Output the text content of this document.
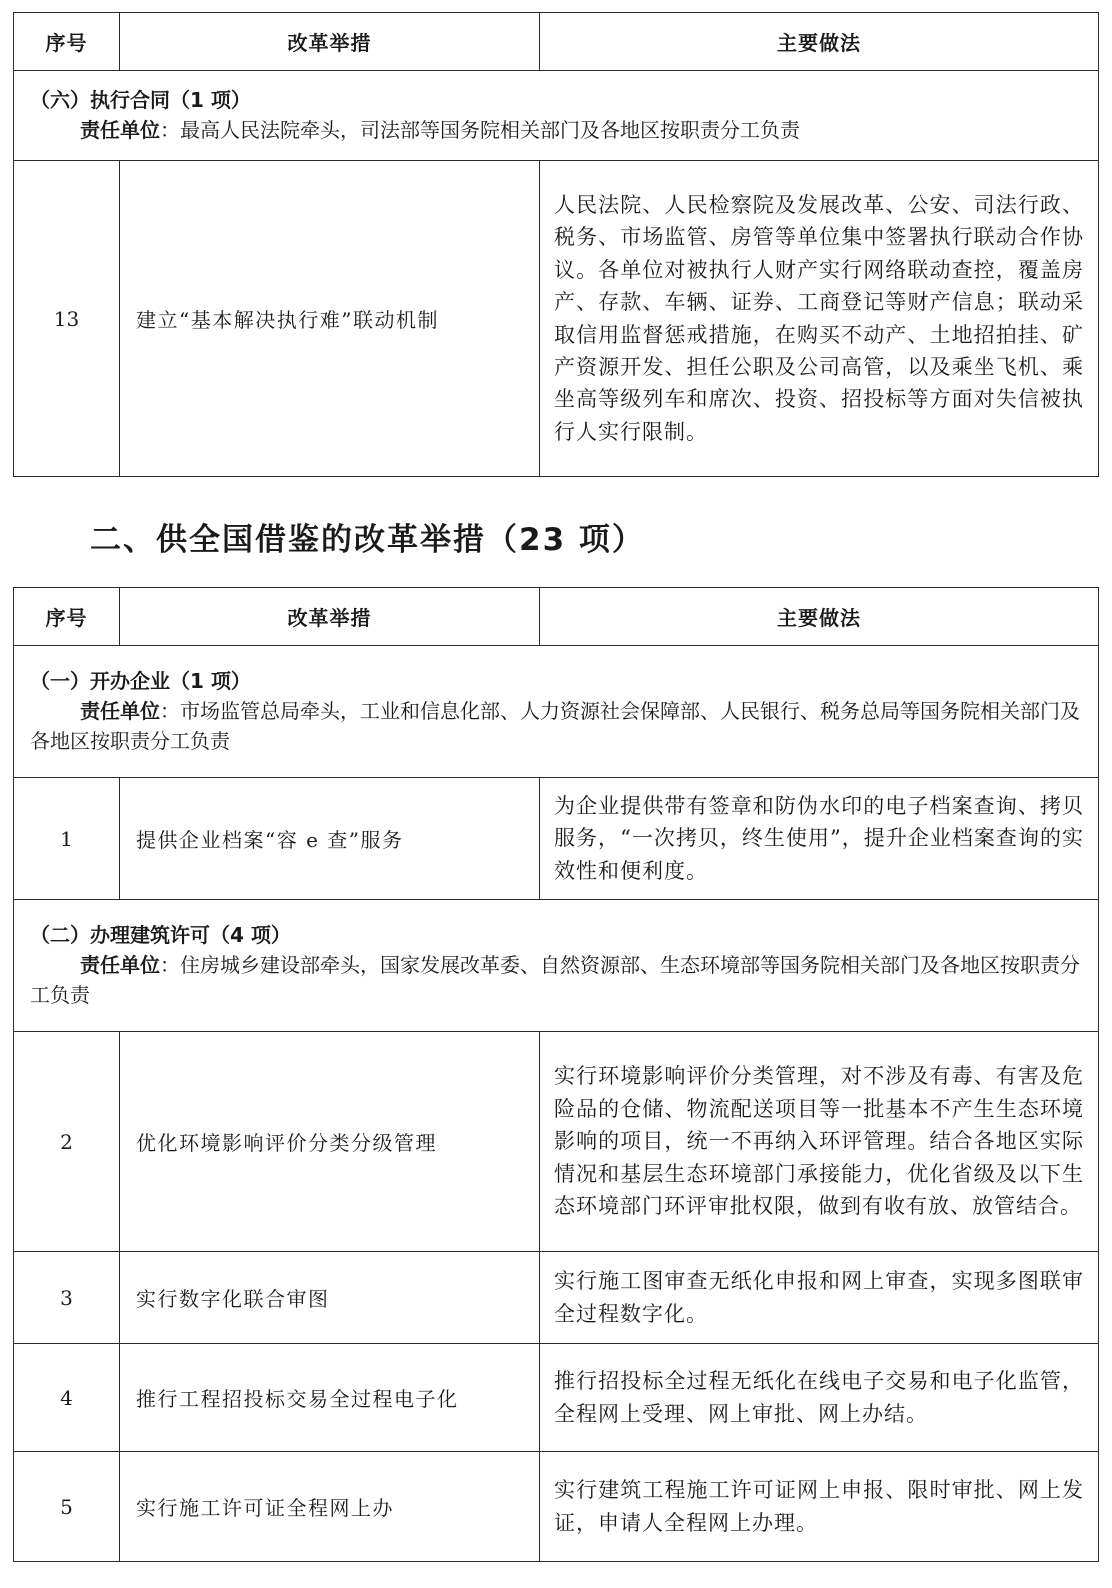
序号	改革举措	主要做法

（六）执行合同（1 项）
责任单位：最高人民法院牵头，司法部等国务院相关部门及各地区按职责分工负责		

13	建立“基本解决执行难”联动机制	人民法院、人民检察院及发展改革、公安、司法行政、税务、市场监管、房管等单位集中签署执行联动合作协议。各单位对被执行人财产实行网络联动查控，覆盖房产、存款、车辆、证券、工商登记等财产信息；联动采取信用监督惩戒措施，在购买不动产、土地招拍挂、矿产资源开发、担任公职及公司高管，以及乘坐飞机、乘坐高等级列车和席次、投资、招投标等方面对失信被执行人实行限制。
二、供全国借鉴的改革举措（23 项）
序号	改革举措	主要做法

（一）开办企业（1 项）
责任单位：市场监管总局牵头，工业和信息化部、人力资源社会保障部、人民银行、税务总局等国务院相关部门及各地区按职责分工负责		

1	提供企业档案“容 e 查”服务	为企业提供带有签章和防伪水印的电子档案查询、拷贝服务，“一次拷贝，终生使用”，提升企业档案查询的实效性和便利度。

（二）办理建筑许可（4 项）
责任单位：住房城乡建设部牵头，国家发展改革委、自然资源部、生态环境部等国务院相关部门及各地区按职责分工负责		

2	优化环境影响评价分类分级管理	实行环境影响评价分类管理，对不涉及有毒、有害及危险品的仓储、物流配送项目等一批基本不产生生态环境影响的项目，统一不再纳入环评管理。结合各地区实际情况和基层生态环境部门承接能力，优化省级及以下生态环境部门环评审批权限，做到有收有放、放管结合。
3	实行数字化联合审图	实行施工图审查无纸化申报和网上审查，实现多图联审全过程数字化。
4	推行工程招投标交易全过程电子化	推行招投标全过程无纸化在线电子交易和电子化监管，全程网上受理、网上审批、网上办结。
5	实行施工许可证全程网上办	实行建筑工程施工许可证网上申报、限时审批、网上发证，申请人全程网上办理。
